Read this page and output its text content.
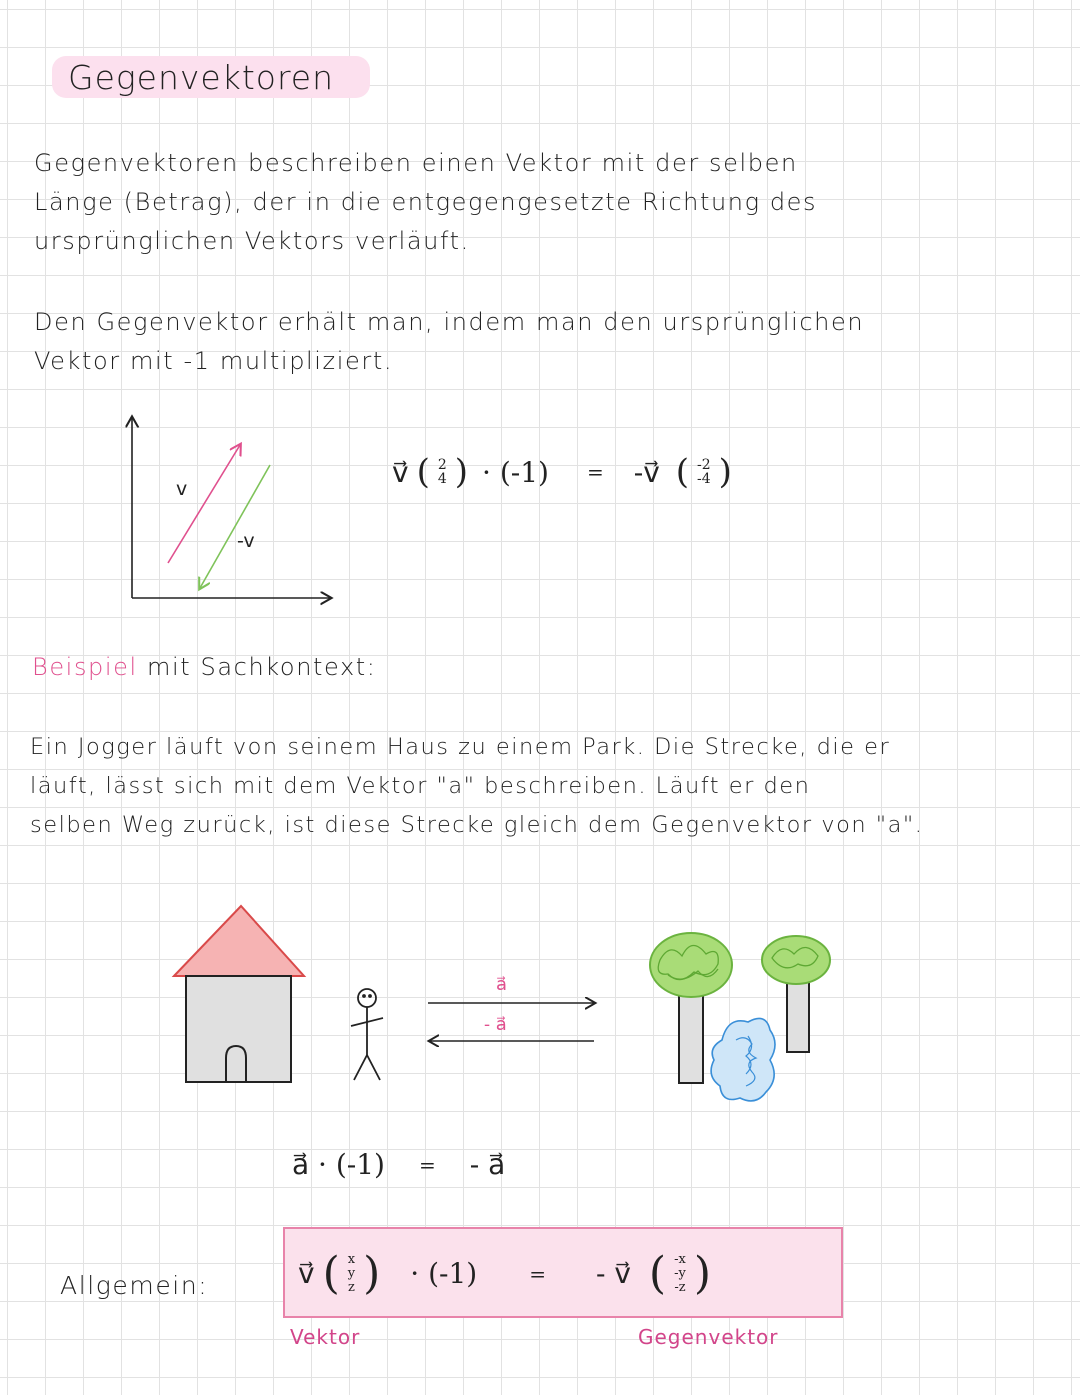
Gegenvektoren
Gegenvektoren beschreiben einen Vektor mit der selben
Länge (Betrag), der in die entgegengesetzte Richtung des
ursprünglichen Vektors verläuft.
Den Gegenvektor erhält man, indem man den ursprünglichen
Vektor mit -1 multipliziert.
v
-v
v⃗ ( 2
4 ) · (-1) = -v⃗ ( -2
-4 )
Beispiel mit Sachkontext:
Ein Jogger läuft von seinem Haus zu einem Park. Die Strecke, die er
läuft, lässt sich mit dem Vektor "a" beschreiben. Läuft er den
selben Weg zurück, ist diese Strecke gleich dem Gegenvektor von "a".
a⃗
- a⃗
a⃗ · (-1) = - a⃗
Allgemein:	v⃗ ( x
y
z ) · (-1)	= - v⃗ ( -x
-y
-z )
Vektor	Gegenvektor
